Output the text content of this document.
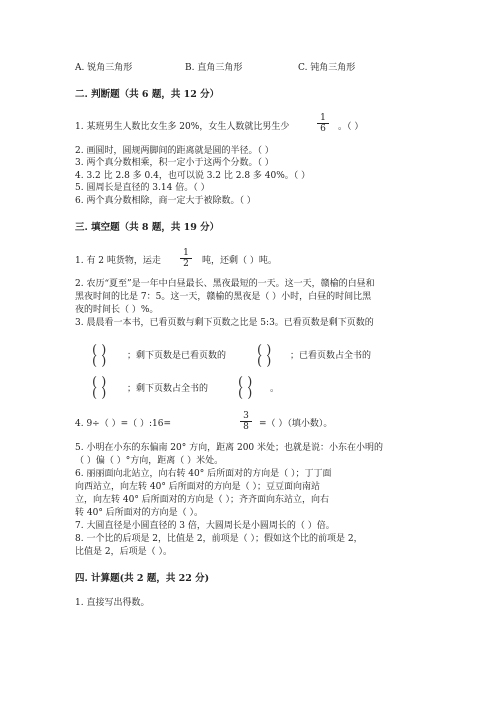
A. 锐角三角形	B. 直角三角形	C. 钝角三角形
二. 判断题（共 6 题，共 12 分）
1. 某班男生人数比女生多 20%，女生人数就比男生少	$\frac{1}{6}$ 。（ ）
2. 画圆时，圆规两脚间的距离就是圆的半径。（ ）
3. 两个真分数相乘，积一定小于这两个分数。（ ）
4. 3.2 比 2.8 多 0.4，也可以说 3.2 比 2.8 多 40%。（ ）
5. 圆周长是直径的 3.14 倍。（ ）
6. 两个真分数相除，商一定大于被除数。（ ）
三. 填空题（共 8 题，共 19 分）
1. 有 2 吨货物，运走 $\frac{1}{2}$ 吨，还剩（ ）吨。
2. 农历“夏至”是一年中白昼最长、黑夜最短的一天。这一天，赣榆的白昼和
黑夜时间的比是 7：5。这一天，赣榆的黑夜是（ ）小时，白昼的时间比黑
夜的时间长（ ）%。
3. 晨晨看一本书，已看页数与剩下页数之比是 5:3。已看页数是剩下页数的
( )
( ) ；剩下页数是已看页数的 ( )
( ) ；已看页数占全书的
( )
( ) ；剩下页数占全书的 ( )
( ) 。
4. 9÷（ ）=（ ）:16=	$\frac{3}{8}$ =（ ）（填小数）。
5. 小明在小东的东偏南 20° 方向，距离 200 米处；也就是说：小东在小明的
（ ）偏（ ）°方向，距离（ ）米处。
6. 丽丽面向北站立，向右转 40° 后所面对的方向是（ ）；丁丁面
向西站立，向左转 40° 后所面对的方向是（ ）；豆豆面向南站
立，向左转 40° 后所面对的方向是（ ）；齐齐面向东站立，向右
转 40° 后所面对的方向是（ ）。
7. 大圆直径是小圆直径的 3 倍，大圆周长是小圆周长的（ ）倍。
8. 一个比的后项是 2，比值是 2，前项是（ ）；假如这个比的前项是 2，
比值是 2，后项是（ ）。
四. 计算题(共 2 题，共 22 分)
1. 直接写出得数。
